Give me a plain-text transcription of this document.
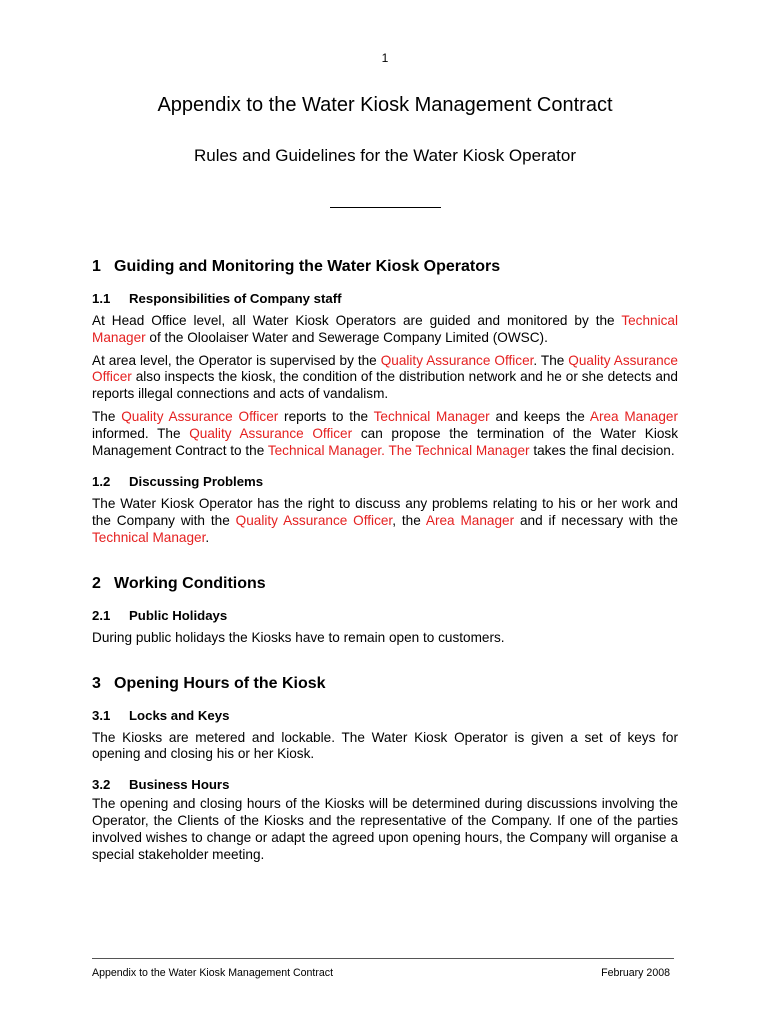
1
Appendix to the Water Kiosk Management Contract
Rules and Guidelines for the Water Kiosk Operator
1 Guiding and Monitoring the Water Kiosk Operators
1.1 Responsibilities of Company staff

At Head Office level, all Water Kiosk Operators are guided and monitored by the Technical Manager of the Oloolaiser Water and Sewerage Company Limited (OWSC).

At area level, the Operator is supervised by the Quality Assurance Officer. The Quality Assurance Officer also inspects the kiosk, the condition of the distribution network and he or she detects and reports illegal connections and acts of vandalism.

The Quality Assurance Officer reports to the Technical Manager and keeps the Area Manager informed. The Quality Assurance Officer can propose the termination of the Water Kiosk Management Contract to the Technical Manager. The Technical Manager takes the final decision.

1.2 Discussing Problems

The Water Kiosk Operator has the right to discuss any problems relating to his or her work and the Company with the Quality Assurance Officer, the Area Manager and if necessary with the Technical Manager.

2 Working Conditions
2.1 Public Holidays

During public holidays the Kiosks have to remain open to customers.

3 Opening Hours of the Kiosk
3.1 Locks and Keys

The Kiosks are metered and lockable. The Water Kiosk Operator is given a set of keys for opening and closing his or her Kiosk.

3.2 Business Hours

The opening and closing hours of the Kiosks will be determined during discussions involving the Operator, the Clients of the Kiosks and the representative of the Company. If one of the parties involved wishes to change or adapt the agreed upon opening hours, the Company will organise a special stakeholder meeting.

Appendix to the Water Kiosk Management Contract	February 2008
